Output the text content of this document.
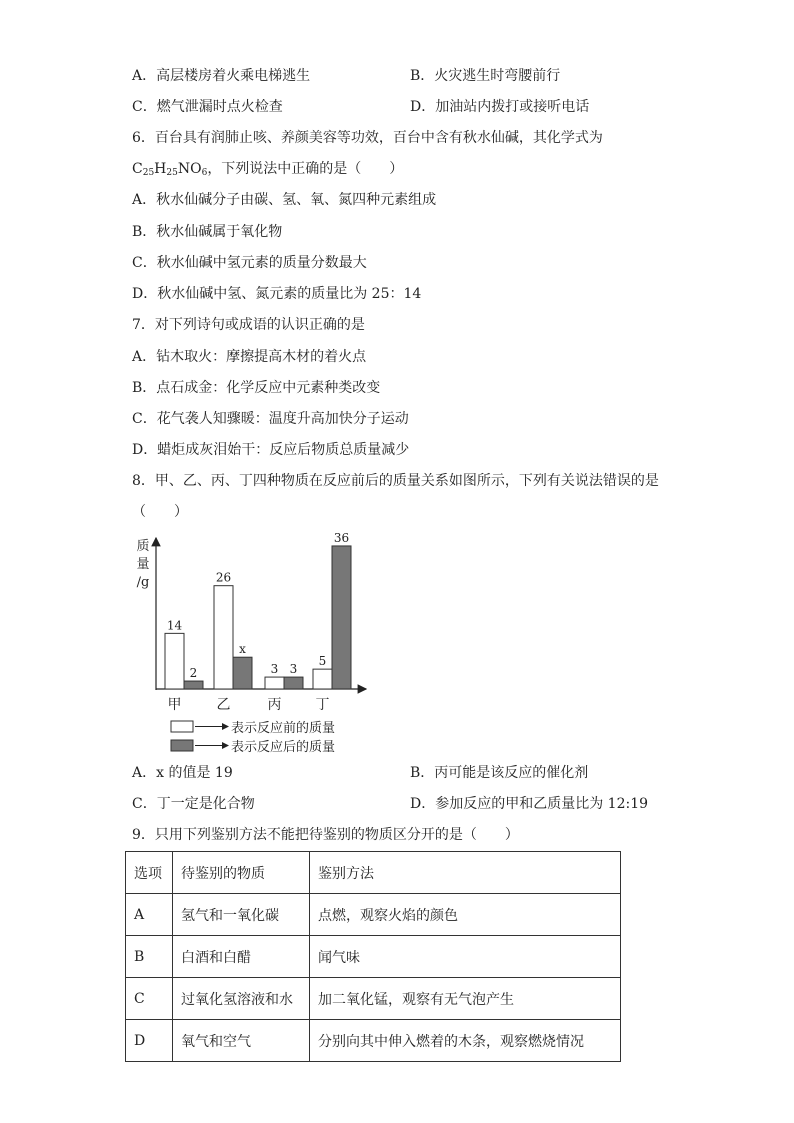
A．高层楼房着火乘电梯逃生	B．火灾逃生时弯腰前行
C．燃气泄漏时点火检查	D．加油站内拨打或接听电话
6．百台具有润肺止咳、养颜美容等功效，百台中含有秋水仙碱，其化学式为
$C_{25}H_{25}NO_6$，下列说法中正确的是（　　）
A．秋水仙碱分子由碳、氢、氧、氮四种元素组成
B．秋水仙碱属于氧化物
C．秋水仙碱中氢元素的质量分数最大
D．秋水仙碱中氢、氮元素的质量比为 25：14
7．对下列诗句或成语的认识正确的是
A．钻木取火：摩擦提高木材的着火点
B．点石成金：化学反应中元素种类改变
C．花气袭人知骤暖：温度升高加快分子运动
D．蜡炬成灰泪始干：反应后物质总质量减少
8．甲、乙、丙、丁四种物质在反应前后的质量关系如图所示，下列有关说法错误的是
（　　）
质
量
/g
14
26
3
5
2
x
3
36
甲	乙	丙 丁
表示反应前的质量
表示反应后的质量
A．x 的值是 19	B．丙可能是该反应的催化剂
C．丁一定是化合物	D．参加反应的甲和乙质量比为 12:19
9．只用下列鉴别方法不能把待鉴别的物质区分开的是（　　）
选项	待鉴别的物质	鉴别方法
A	氢气和一氧化碳	点燃，观察火焰的颜色
B	白酒和白醋	闻气味
C	过氧化氢溶液和水	加二氧化锰，观察有无气泡产生
D	氧气和空气	分别向其中伸入燃着的木条，观察燃烧情况
